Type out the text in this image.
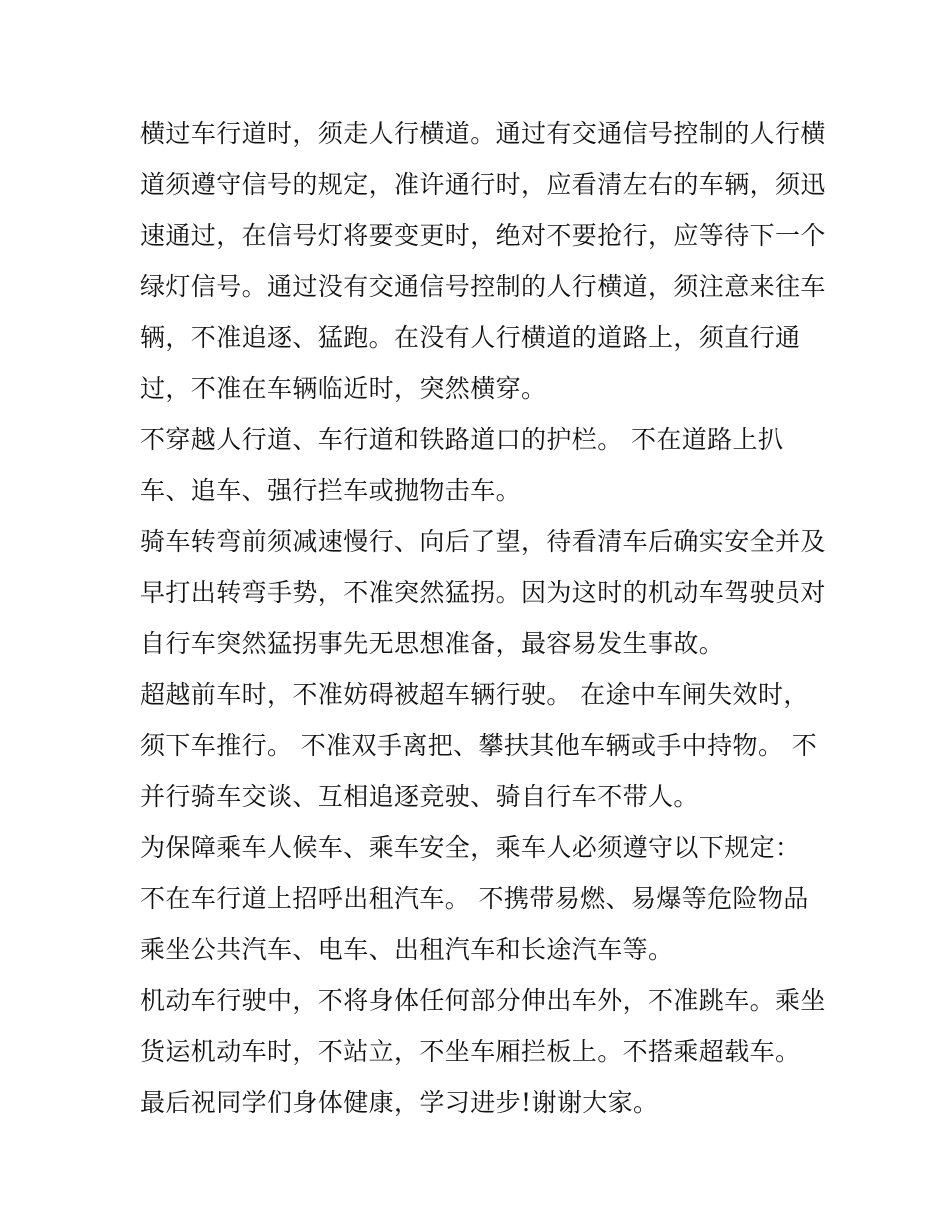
横过车行道时，须走人行横道。通过有交通信号控制的人行横
道须遵守信号的规定，准许通行时，应看清左右的车辆，须迅
速通过，在信号灯将要变更时，绝对不要抢行，应等待下一个
绿灯信号。通过没有交通信号控制的人行横道，须注意来往车
辆，不准追逐、猛跑。在没有人行横道的道路上，须直行通
过，不准在车辆临近时，突然横穿。
不穿越人行道、车行道和铁路道口的护栏。 不在道路上扒
车、追车、强行拦车或抛物击车。
骑车转弯前须减速慢行、向后了望，待看清车后确实安全并及
早打出转弯手势，不准突然猛拐。因为这时的机动车驾驶员对
自行车突然猛拐事先无思想准备，最容易发生事故。
超越前车时，不准妨碍被超车辆行驶。 在途中车闸失效时，
须下车推行。 不准双手离把、攀扶其他车辆或手中持物。 不
并行骑车交谈、互相追逐竞驶、骑自行车不带人。
为保障乘车人候车、乘车安全，乘车人必须遵守以下规定：
不在车行道上招呼出租汽车。 不携带易燃、易爆等危险物品
乘坐公共汽车、电车、出租汽车和长途汽车等。
机动车行驶中，不将身体任何部分伸出车外，不准跳车。乘坐
货运机动车时，不站立，不坐车厢拦板上。不搭乘超载车。
最后祝同学们身体健康，学习进步!谢谢大家。
